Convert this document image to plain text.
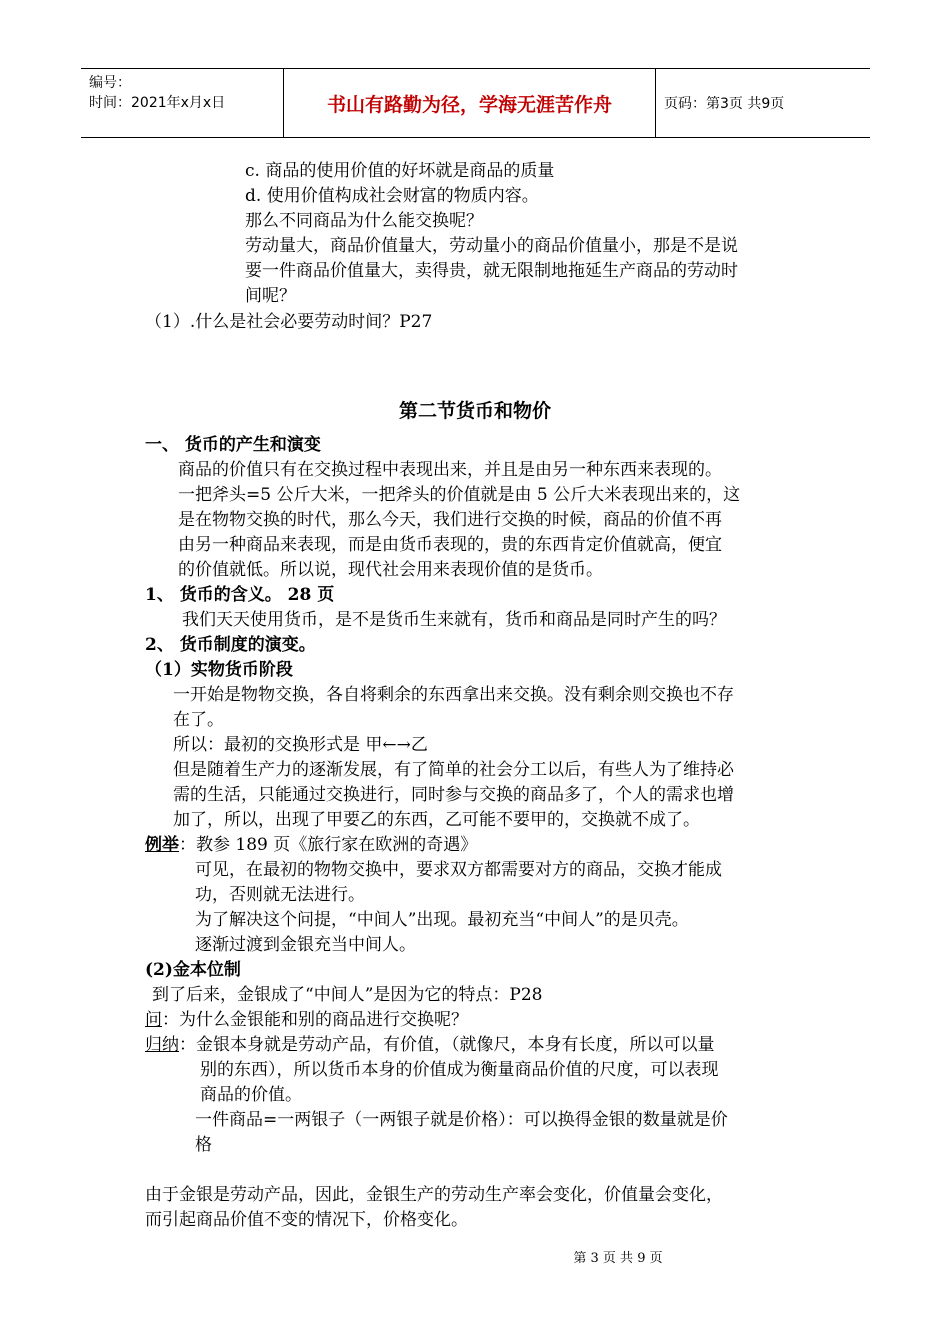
编号：
时间：2021年x月x日	书山有路勤为径，学海无涯苦作舟	页码：第3页 共9页
c. 商品的使用价值的好坏就是商品的质量
d. 使用价值构成社会财富的物质内容。
那么不同商品为什么能交换呢？
劳动量大，商品价值量大，劳动量小的商品价值量小，那是不是说
要一件商品价值量大，卖得贵，就无限制地拖延生产商品的劳动时
间呢？
（1）.什么是社会必要劳动时间？P27
第二节货币和物价
一、 货币的产生和演变
商品的价值只有在交换过程中表现出来，并且是由另一种东西来表现的。
一把斧头=5 公斤大米，一把斧头的价值就是由 5 公斤大米表现出来的，这
是在物物交换的时代，那么今天，我们进行交换的时候，商品的价值不再
由另一种商品来表现，而是由货币表现的，贵的东西肯定价值就高，便宜
的价值就低。所以说，现代社会用来表现价值的是货币。
1、 货币的含义。 28 页
我们天天使用货币，是不是货币生来就有，货币和商品是同时产生的吗？
2、 货币制度的演变。
（1）实物货币阶段
一开始是物物交换，各自将剩余的东西拿出来交换。没有剩余则交换也不存
在了。
所以：最初的交换形式是 甲←→乙
但是随着生产力的逐渐发展，有了简单的社会分工以后，有些人为了维持必
需的生活，只能通过交换进行，同时参与交换的商品多了，个人的需求也增
加了，所以，出现了甲要乙的东西，乙可能不要甲的，交换就不成了。
例举：教参 189 页《旅行家在欧洲的奇遇》
可见，在最初的物物交换中，要求双方都需要对方的商品，交换才能成
功，否则就无法进行。
为了解决这个问提，“中间人”出现。最初充当“中间人”的是贝壳。
逐渐过渡到金银充当中间人。
(2)金本位制
到了后来，金银成了“中间人”是因为它的特点：P28
问：为什么金银能和别的商品进行交换呢？
归纳：金银本身就是劳动产品，有价值，（就像尺，本身有长度，所以可以量
别的东西），所以货币本身的价值成为衡量商品价值的尺度，可以表现
商品的价值。
一件商品=一两银子（一两银子就是价格）：可以换得金银的数量就是价
格
由于金银是劳动产品，因此，金银生产的劳动生产率会变化，价值量会变化，
而引起商品价值不变的情况下，价格变化。
第 3 页 共 9 页
